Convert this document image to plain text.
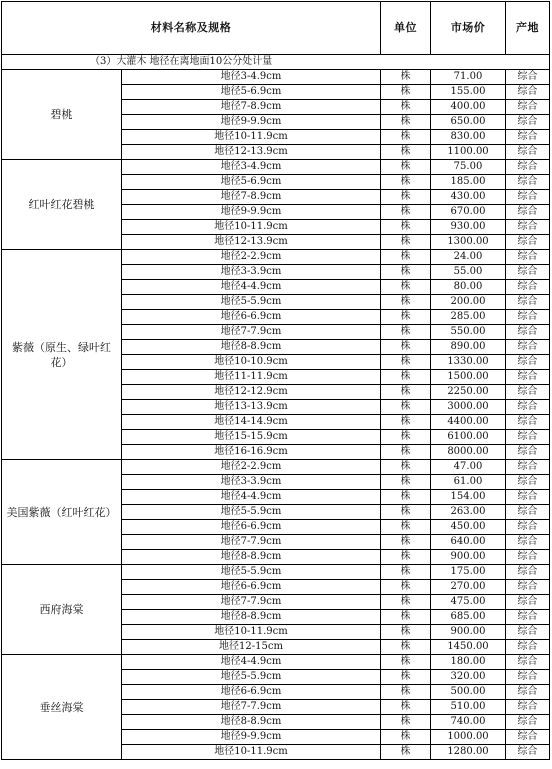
材料名称及规格		单位	市场价	产地
（3）大灌木 地径在离地面10公分处计量				
碧桃	地径3-4.9cm	株	71.00	综合
	地径5-6.9cm	株	155.00	综合
	地径7-8.9cm	株	400.00	综合
	地径9-9.9cm	株	650.00	综合
	地径10-11.9cm	株	830.00	综合
	地径12-13.9cm	株	1100.00	综合
红叶红花碧桃	地径3-4.9cm	株	75.00	综合
	地径5-6.9cm	株	185.00	综合
	地径7-8.9cm	株	430.00	综合
	地径9-9.9cm	株	670.00	综合
	地径10-11.9cm	株	930.00	综合
	地径12-13.9cm	株	1300.00	综合
紫薇（原生、绿叶红花）	地径2-2.9cm	株	24.00	综合
	地径3-3.9cm	株	55.00	综合
	地径4-4.9cm	株	80.00	综合
	地径5-5.9cm	株	200.00	综合
	地径6-6.9cm	株	285.00	综合
	地径7-7.9cm	株	550.00	综合
	地径8-8.9cm	株	890.00	综合
	地径10-10.9cm	株	1330.00	综合
	地径11-11.9cm	株	1500.00	综合
	地径12-12.9cm	株	2250.00	综合
	地径13-13.9cm	株	3000.00	综合
	地径14-14.9cm	株	4400.00	综合
	地径15-15.9cm	株	6100.00	综合
	地径16-16.9cm	株	8000.00	综合
美国紫薇（红叶红花）	地径2-2.9cm	株	47.00	综合
	地径3-3.9cm	株	61.00	综合
	地径4-4.9cm	株	154.00	综合
	地径5-5.9cm	株	263.00	综合
	地径6-6.9cm	株	450.00	综合
	地径7-7.9cm	株	640.00	综合
	地径8-8.9cm	株	900.00	综合
西府海棠	地径5-5.9cm	株	175.00	综合
	地径6-6.9cm	株	270.00	综合
	地径7-7.9cm	株	475.00	综合
	地径8-8.9cm	株	685.00	综合
	地径10-11.9cm	株	900.00	综合
	地径12-15cm	株	1450.00	综合
垂丝海棠	地径4-4.9cm	株	180.00	综合
	地径5-5.9cm	株	320.00	综合
	地径6-6.9cm	株	500.00	综合
	地径7-7.9cm	株	510.00	综合
	地径8-8.9cm	株	740.00	综合
	地径9-9.9cm	株	1000.00	综合
	地径10-11.9cm	株	1280.00	综合
